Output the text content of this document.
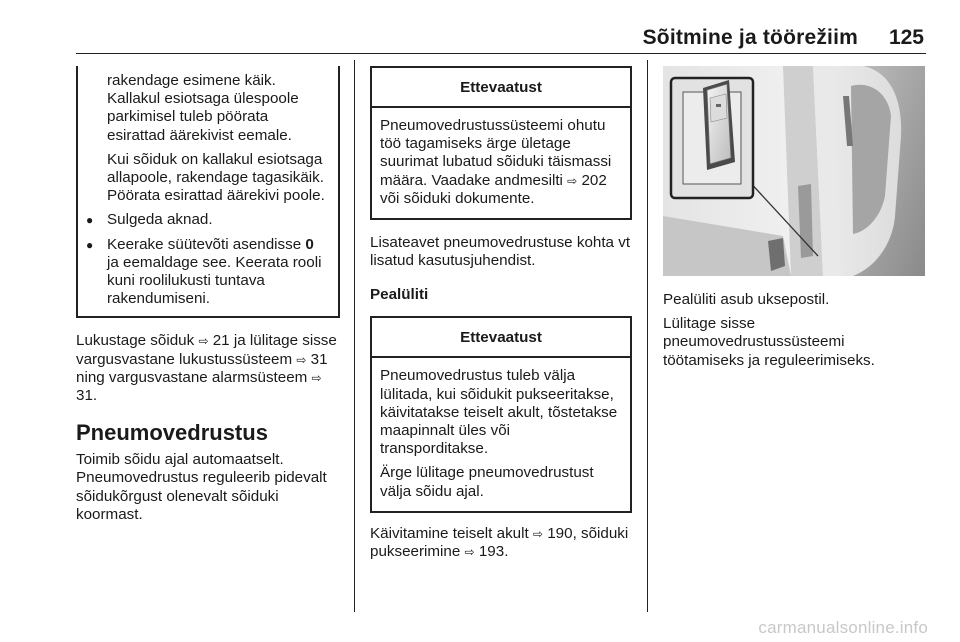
Sõitmine ja töörežiim	125

rakendage esimene käik. Kallakul esiotsaga ülespoole parkimisel tuleb pöörata esirattad äärekivist eemale.

Kui sõiduk on kallakul esiotsaga allapoole, rakendage tagasikäik. Pöörata esirattad äärekivi poole.

● Sulgeda aknad.

● Keerake süütevõti asendisse 0 ja eemaldage see. Keerata rooli kuni roolilukusti tuntava rakendumiseni.

Lukustage sõiduk ⇨ 21 ja lülitage sisse vargusvastane lukustussüsteem ⇨ 31 ning vargusvastane alarmsüsteem ⇨ 31.

Pneumovedrustus

Toimib sõidu ajal automaatselt. Pneumovedrustus reguleerib pidevalt sõidukõrgust olenevalt sõiduki koormast.

Ettevaatust

Pneumovedrustussüsteemi ohutu töö tagamiseks ärge ületage suurimat lubatud sõiduki täismassi määra. Vaadake andmesilti ⇨ 202 või sõiduki dokumente.

Lisateavet pneumovedrustuse kohta vt lisatud kasutusjuhendist.

Pealüliti
Ettevaatust

Pneumovedrustus tuleb välja lülitada, kui sõidukit pukseeritakse, käivitatakse teiselt akult, tõstetakse maapinnalt üles või transporditakse.

Ärge lülitage pneumovedrustust välja sõidu ajal.

Käivitamine teiselt akult ⇨ 190, sõiduki pukseerimine ⇨ 193.

Pealüliti asub uksepostil.

Lülitage sisse pneumovedrustussüsteemi töötamiseks ja reguleerimiseks.

carmanualsonline.info
